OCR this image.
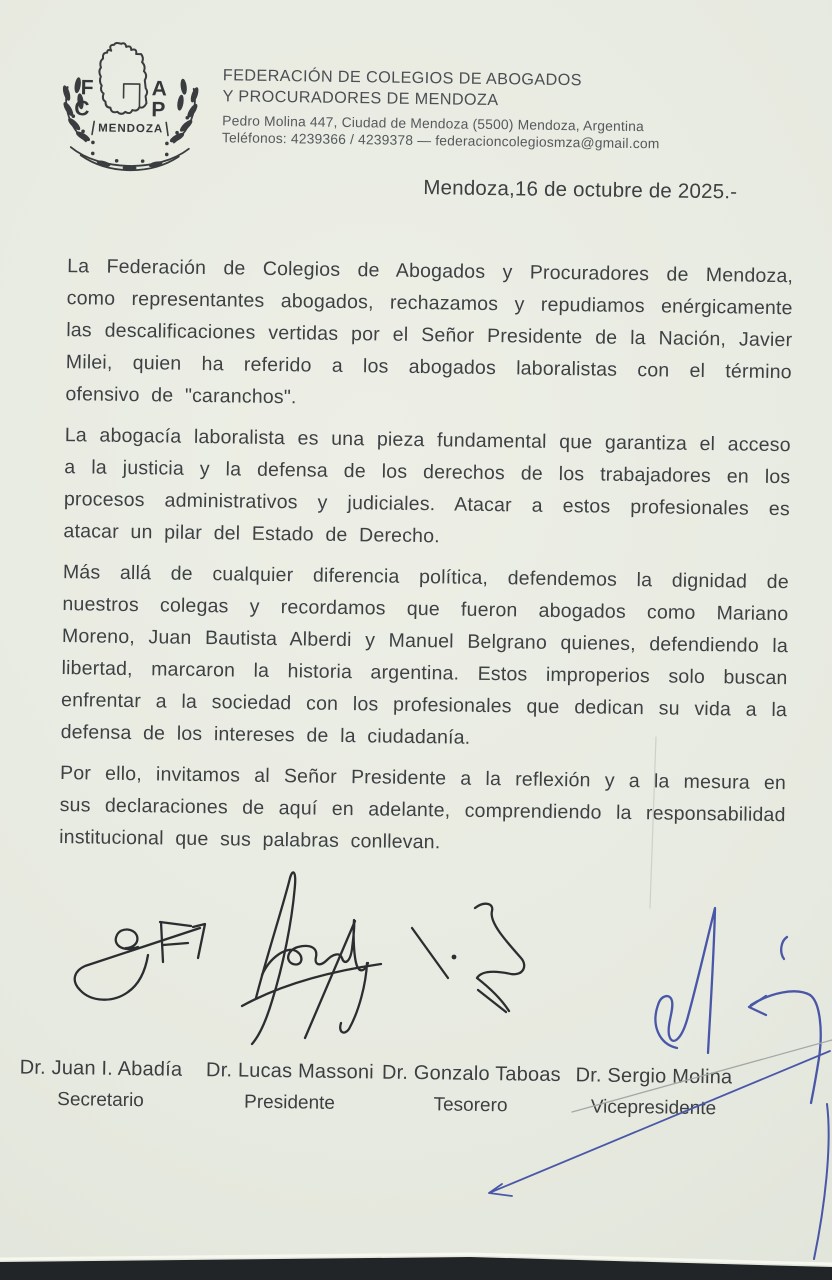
F	A
C	P
MENDOZA
FEDERACIÓN DE COLEGIOS DE ABOGADOS
Y PROCURADORES DE MENDOZA
Pedro Molina 447, Ciudad de Mendoza (5500) Mendoza, Argentina
Teléfonos: 4239366 / 4239378 — federacioncolegiosmza@gmail.com
Mendoza,16 de octubre de 2025.-

La Federación de Colegios de Abogados y Procuradores de Mendoza, como representantes abogados, rechazamos y repudiamos enérgicamente las descalificaciones vertidas por el Señor Presidente de la Nación, Javier Milei, quien ha referido a los abogados laboralistas con el término ofensivo de "caranchos".

La abogacía laboralista es una pieza fundamental que garantiza el acceso a la justicia y la defensa de los derechos de los trabajadores en los procesos administrativos y judiciales. Atacar a estos profesionales es atacar un pilar del Estado de Derecho.

Más allá de cualquier diferencia política, defendemos la dignidad de nuestros colegas y recordamos que fueron abogados como Mariano Moreno, Juan Bautista Alberdi y Manuel Belgrano quienes, defendiendo la libertad, marcaron la historia argentina. Estos improperios solo buscan enfrentar a la sociedad con los profesionales que dedican su vida a la defensa de los intereses de la ciudadanía.

Por ello, invitamos al Señor Presidente a la reflexión y a la mesura en sus declaraciones de aquí en adelante, comprendiendo la responsabilidad institucional que sus palabras conllevan.

Dr. Juan I. Abadía
Secretario
Dr. Lucas Massoni
Presidente
Dr. Gonzalo Taboas
Tesorero
Dr. Sergio Molina
Vicepresidente
